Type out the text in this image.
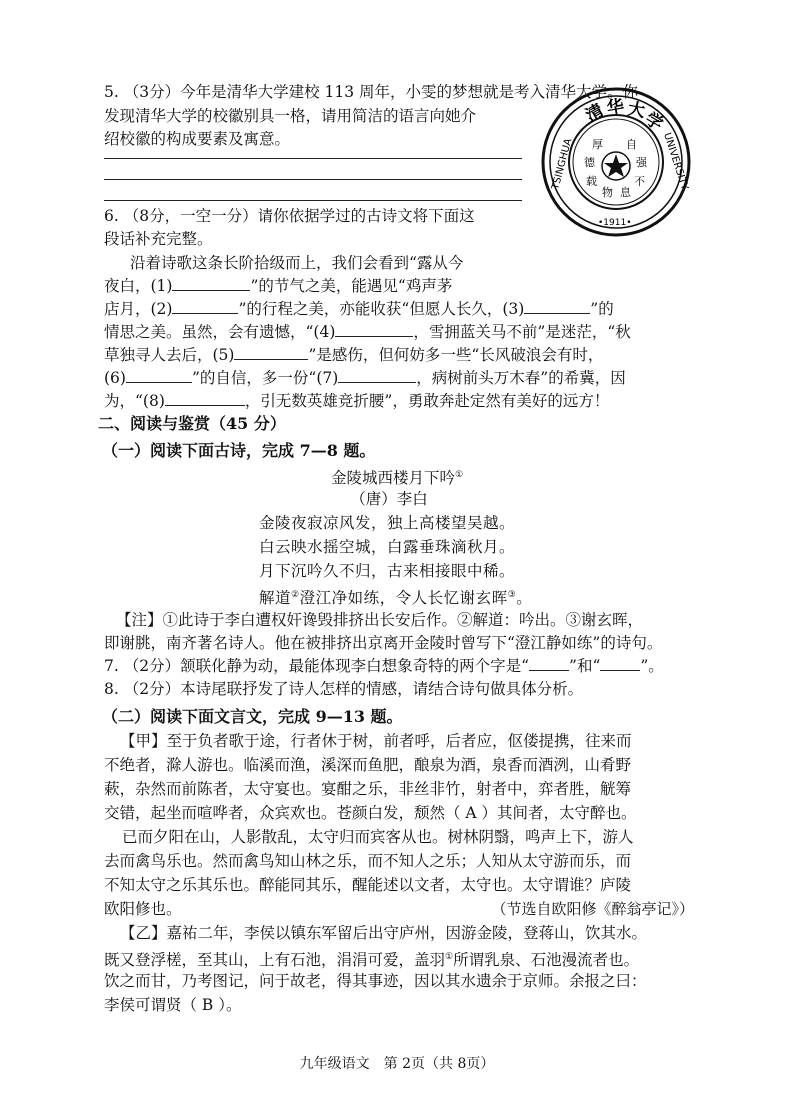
5. （3分）今年是清华大学建校 113 周年，小雯的梦想就是考入清华大学。你
发现清华大学的校徽别具一格，请用简洁的语言向她介
绍校徽的构成要素及寓意。
清
华 大
学
TSINGHUA	UNIVERSITY
•1911•
厚 自
德	强
载	不
物 息
6. （8分，一空一分）请你依据学过的古诗文将下面这
段话补充完整。
沿着诗歌这条长阶拾级而上，我们会看到“露从今
夜白，(1)	”的节气之美，能遇见“鸡声茅
店月，(2)	”的行程之美，亦能收获“但愿人长久，(3)	”的
情思之美。虽然，会有遗憾，“(4)	，雪拥蓝关马不前”是迷茫，“秋
草独寻人去后，(5)	”是感伤，但何妨多一些“长风破浪会有时，
(6)	”的自信，多一份“(7)	，病树前头万木春”的希冀，因
为，“(8)	，引无数英雄竞折腰”，勇敢奔赴定然有美好的远方！
二、阅读与鉴赏（45 分）
（一）阅读下面古诗，完成 7—8 题。
金陵城西楼月下吟①
（唐）李白
金陵夜寂凉风发，独上高楼望吴越。
白云映水摇空城，白露垂珠滴秋月。
月下沉吟久不归，古来相接眼中稀。
解道②澄江净如练，令人长忆谢玄晖③。
【注】①此诗于李白遭权奸谗毁排挤出长安后作。②解道：吟出。③谢玄晖，
即谢朓，南齐著名诗人。他在被排挤出京离开金陵时曾写下“澄江静如练”的诗句。
7. （2分）颔联化静为动，最能体现李白想象奇特的两个字是“	”和“	”。
8. （2分）本诗尾联抒发了诗人怎样的情感，请结合诗句做具体分析。
（二）阅读下面文言文，完成 9—13 题。
【甲】至于负者歌于途，行者休于树，前者呼，后者应，伛偻提携，往来而
不绝者，滁人游也。临溪而渔，溪深而鱼肥，酿泉为酒，泉香而酒洌，山肴野
蔌，杂然而前陈者，太守宴也。宴酣之乐，非丝非竹，射者中，弈者胜，觥筹
交错，起坐而喧哗者，众宾欢也。苍颜白发，颓然（ A ）其间者，太守醉也。
已而夕阳在山，人影散乱，太守归而宾客从也。树林阴翳，鸣声上下，游人
去而禽鸟乐也。然而禽鸟知山林之乐，而不知人之乐；人知从太守游而乐，而
不知太守之乐其乐也。醉能同其乐，醒能述以文者，太守也。太守谓谁？庐陵
欧阳修也。	（节选自欧阳修《醉翁亭记》）
【乙】嘉祐二年，李侯以镇东军留后出守庐州，因游金陵，登蒋山，饮其水。
既又登浮槎，至其山，上有石池，涓涓可爱，盖羽①所谓乳泉、石池漫流者也。
饮之而甘，乃考图记，问于故老，得其事迹，因以其水遗余于京师。余报之曰：
李侯可谓贤（ B ）。
九年级语文　第 2页（共 8页）
